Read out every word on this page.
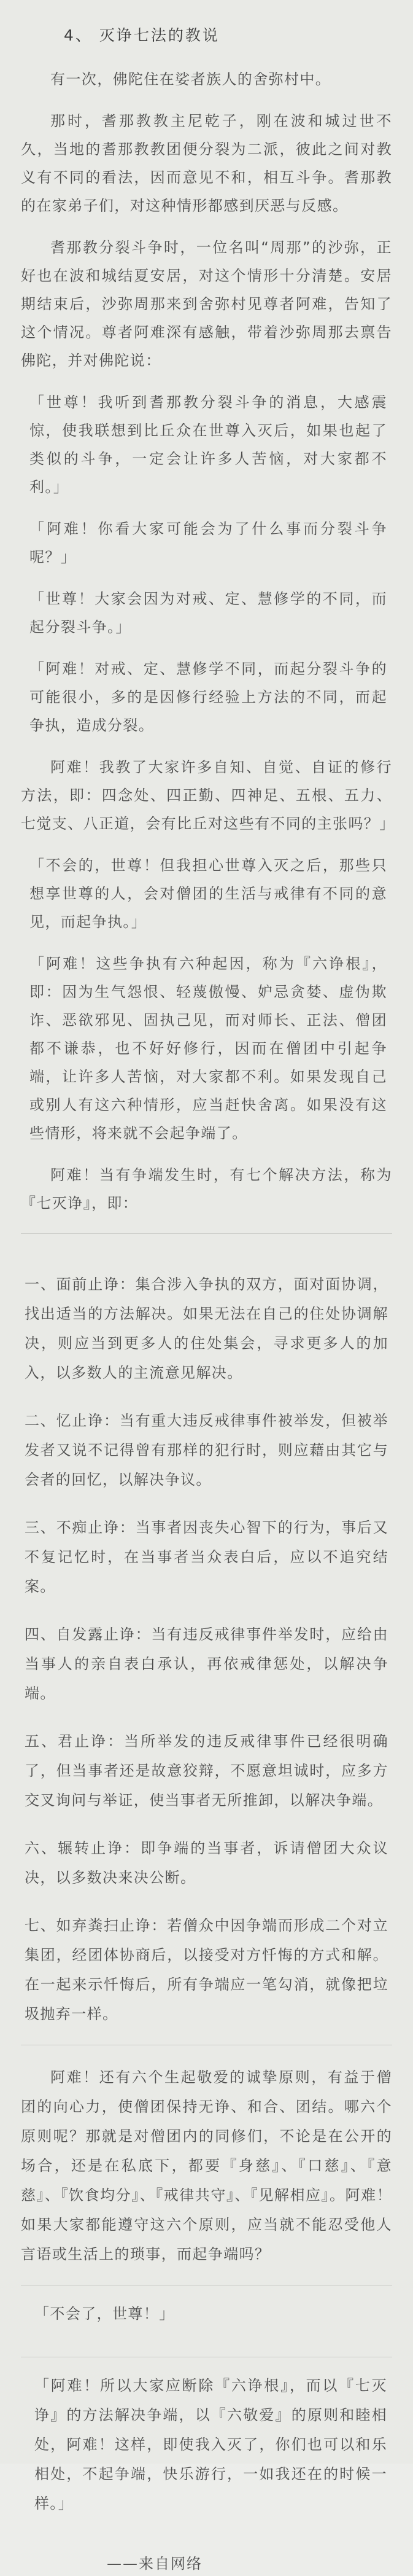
4、 灭诤七法的教说

有一次，佛陀住在娑者族人的舍弥村中。

那时，耆那教教主尼乾子，刚在波和城过世不久，当地的耆那教教团便分裂为二派，彼此之间对教义有不同的看法，因而意见不和，相互斗争。耆那教的在家弟子们，对这种情形都感到厌恶与反感。

耆那教分裂斗争时，一位名叫“周那”的沙弥，正好也在波和城结夏安居，对这个情形十分清楚。安居期结束后，沙弥周那来到舍弥村见尊者阿难，告知了这个情况。尊者阿难深有感触，带着沙弥周那去禀告佛陀，并对佛陀说：

「世尊！我听到耆那教分裂斗争的消息，大感震惊，使我联想到比丘众在世尊入灭后，如果也起了类似的斗争，一定会让许多人苦恼，对大家都不利。」

「阿难！你看大家可能会为了什么事而分裂斗争呢？」

「世尊！大家会因为对戒、定、慧修学的不同，而起分裂斗争。」

「阿难！对戒、定、慧修学不同，而起分裂斗争的可能很小，多的是因修行经验上方法的不同，而起争执，造成分裂。

阿难！我教了大家许多自知、自觉、自证的修行方法，即：四念处、四正勤、四神足、五根、五力、七觉支、八正道，会有比丘对这些有不同的主张吗？」

「不会的，世尊！但我担心世尊入灭之后，那些只想享世尊的人，会对僧团的生活与戒律有不同的意见，而起争执。」

「阿难！这些争执有六种起因，称为『六诤根』，即：因为生气怨恨、轻蔑傲慢、妒忌贪婪、虚伪欺诈、恶欲邪见、固执己见，而对师长、正法、僧团都不谦恭，也不好好修行，因而在僧团中引起争端，让许多人苦恼，对大家都不利。如果发现自己或别人有这六种情形，应当赶快舍离。如果没有这些情形，将来就不会起争端了。

阿难！当有争端发生时，有七个解决方法，称为『七灭诤』，即：

一、面前止诤：集合涉入争执的双方，面对面协调，找出适当的方法解决。如果无法在自己的住处协调解决，则应当到更多人的住处集会，寻求更多人的加入，以多数人的主流意见解决。

二、忆止诤：当有重大违反戒律事件被举发，但被举发者又说不记得曾有那样的犯行时，则应藉由其它与会者的回忆，以解决争议。

三、不痴止诤：当事者因丧失心智下的行为，事后又不复记忆时，在当事者当众表白后，应以不追究结案。

四、自发露止诤：当有违反戒律事件举发时，应给由当事人的亲自表白承认，再依戒律惩处，以解决争端。

五、君止诤：当所举发的违反戒律事件已经很明确了，但当事者还是故意狡辩，不愿意坦诚时，应多方交叉询问与举证，使当事者无所推卸，以解决争端。

六、辗转止诤：即争端的当事者，诉请僧团大众议决，以多数决来决公断。

七、如弃粪扫止诤：若僧众中因争端而形成二个对立集团，经团体协商后，以接受对方忏悔的方式和解。在一起来示忏悔后，所有争端应一笔勾消，就像把垃圾抛弃一样。

阿难！还有六个生起敬爱的诚挚原则，有益于僧团的向心力，使僧团保持无诤、和合、团结。哪六个原则呢？那就是对僧团内的同修们，不论是在公开的场合，还是在私底下，都要『身慈』、『口慈』、『意慈』、『饮食均分』、『戒律共守』、『见解相应』。阿难！如果大家都能遵守这六个原则，应当就不能忍受他人言语或生活上的琐事，而起争端吗？

「不会了，世尊！」
「阿难！所以大家应断除『六诤根』，而以『七灭诤』的方法解决争端，以『六敬爱』的原则和睦相处，阿难！这样，即使我入灭了，你们也可以和乐相处，不起争端，快乐游行，一如我还在的时候一样。」

——来自网络
